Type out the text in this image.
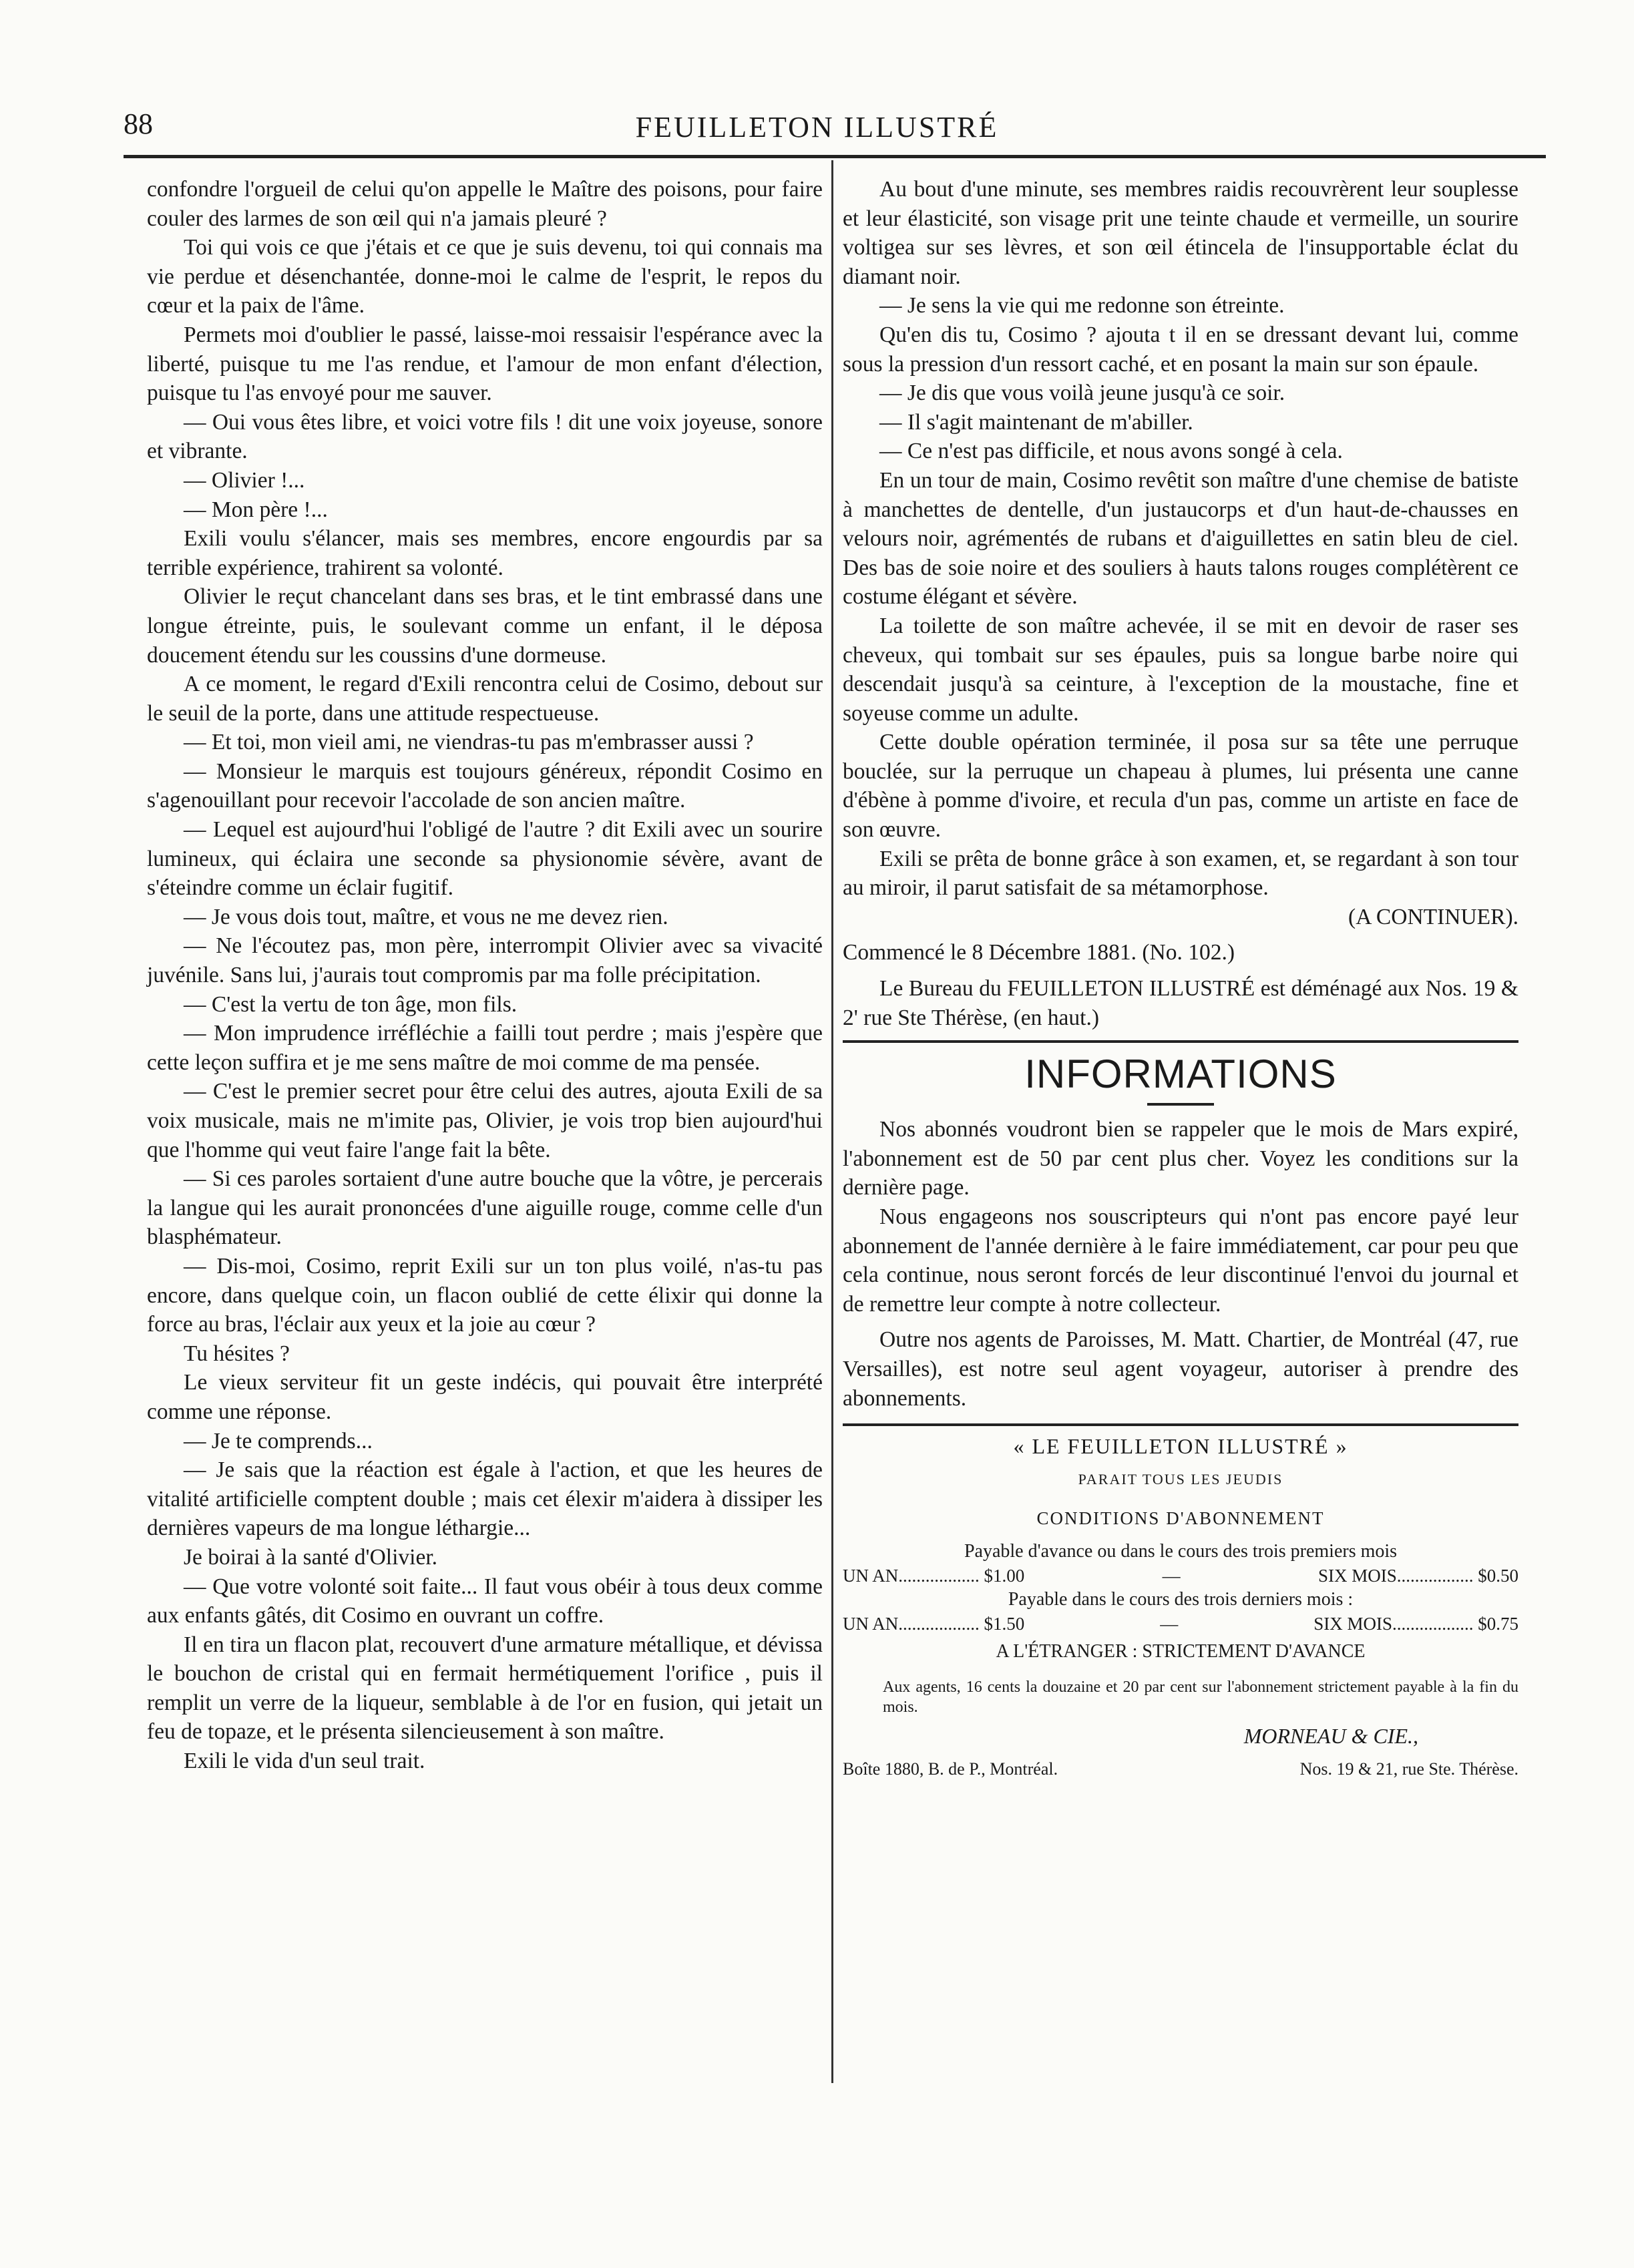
88	FEUILLETON ILLUSTRÉ

confondre l'orgueil de celui qu'on appelle le Maître des poisons, pour faire couler des larmes de son œil qui n'a jamais pleuré ?

Toi qui vois ce que j'étais et ce que je suis devenu, toi qui connais ma vie perdue et désenchantée, donne-moi le calme de l'esprit, le repos du cœur et la paix de l'âme.

Permets moi d'oublier le passé, laisse-moi ressaisir l'espérance avec la liberté, puisque tu me l'as rendue, et l'amour de mon enfant d'élection, puisque tu l'as envoyé pour me sauver.

— Oui vous êtes libre, et voici votre fils ! dit une voix joyeuse, sonore et vibrante.

— Olivier !...

— Mon père !...

Exili voulu s'élancer, mais ses membres, encore engourdis par sa terrible expérience, trahirent sa volonté.

Olivier le reçut chancelant dans ses bras, et le tint embrassé dans une longue étreinte, puis, le soulevant comme un enfant, il le déposa doucement étendu sur les coussins d'une dormeuse.

A ce moment, le regard d'Exili rencontra celui de Cosimo, debout sur le seuil de la porte, dans une attitude respectueuse.

— Et toi, mon vieil ami, ne viendras-tu pas m'embrasser aussi ?

— Monsieur le marquis est toujours généreux, répondit Cosimo en s'agenouillant pour recevoir l'accolade de son ancien maître.

— Lequel est aujourd'hui l'obligé de l'autre ? dit Exili avec un sourire lumineux, qui éclaira une seconde sa physionomie sévère, avant de s'éteindre comme un éclair fugitif.

— Je vous dois tout, maître, et vous ne me devez rien.

— Ne l'écoutez pas, mon père, interrompit Olivier avec sa vivacité juvénile. Sans lui, j'aurais tout compromis par ma folle précipitation.

— C'est la vertu de ton âge, mon fils.

— Mon imprudence irréfléchie a failli tout perdre ; mais j'espère que cette leçon suffira et je me sens maître de moi comme de ma pensée.

— C'est le premier secret pour être celui des autres, ajouta Exili de sa voix musicale, mais ne m'imite pas, Olivier, je vois trop bien aujourd'hui que l'homme qui veut faire l'ange fait la bête.

— Si ces paroles sortaient d'une autre bouche que la vôtre, je percerais la langue qui les aurait prononcées d'une aiguille rouge, comme celle d'un blasphémateur.

— Dis-moi, Cosimo, reprit Exili sur un ton plus voilé, n'as-tu pas encore, dans quelque coin, un flacon oublié de cette élixir qui donne la force au bras, l'éclair aux yeux et la joie au cœur ?

Tu hésites ?

Le vieux serviteur fit un geste indécis, qui pouvait être interprété comme une réponse.

— Je te comprends...

— Je sais que la réaction est égale à l'action, et que les heures de vitalité artificielle comptent double ; mais cet élexir m'aidera à dissiper les dernières vapeurs de ma longue léthargie...

Je boirai à la santé d'Olivier.

— Que votre volonté soit faite... Il faut vous obéir à tous deux comme aux enfants gâtés, dit Cosimo en ouvrant un coffre.

Il en tira un flacon plat, recouvert d'une armature métallique, et dévissa le bouchon de cristal qui en fermait hermétiquement l'orifice , puis il remplit un verre de la liqueur, semblable à de l'or en fusion, qui jetait un feu de topaze, et le présenta silencieusement à son maître.

Exili le vida d'un seul trait.

Au bout d'une minute, ses membres raidis recouvrèrent leur souplesse et leur élasticité, son visage prit une teinte chaude et vermeille, un sourire voltigea sur ses lèvres, et son œil étincela de l'insupportable éclat du diamant noir.

— Je sens la vie qui me redonne son étreinte.

Qu'en dis tu, Cosimo ? ajouta t il en se dressant devant lui, comme sous la pression d'un ressort caché, et en posant la main sur son épaule.

— Je dis que vous voilà jeune jusqu'à ce soir.

— Il s'agit maintenant de m'abiller.

— Ce n'est pas difficile, et nous avons songé à cela.

En un tour de main, Cosimo revêtit son maître d'une chemise de batiste à manchettes de dentelle, d'un justaucorps et d'un haut-de-chausses en velours noir, agrémentés de rubans et d'aiguillettes en satin bleu de ciel. Des bas de soie noire et des souliers à hauts talons rouges complétèrent ce costume élégant et sévère.

La toilette de son maître achevée, il se mit en devoir de raser ses cheveux, qui tombait sur ses épaules, puis sa longue barbe noire qui descendait jusqu'à sa ceinture, à l'exception de la moustache, fine et soyeuse comme un adulte.

Cette double opération terminée, il posa sur sa tête une perruque bouclée, sur la perruque un chapeau à plumes, lui présenta une canne d'ébène à pomme d'ivoire, et recula d'un pas, comme un artiste en face de son œuvre.

Exili se prêta de bonne grâce à son examen, et, se regardant à son tour au miroir, il parut satisfait de sa métamorphose.

(A CONTINUER).

Commencé le 8 Décembre 1881. (No. 102.)

Le Bureau du FEUILLETON ILLUSTRÉ est déménagé aux Nos. 19 & 2' rue Ste Thérèse, (en haut.)

INFORMATIONS

Nos abonnés voudront bien se rappeler que le mois de Mars expiré, l'abonnement est de 50 par cent plus cher. Voyez les conditions sur la dernière page.

Nous engageons nos souscripteurs qui n'ont pas encore payé leur abonnement de l'année dernière à le faire immédiatement, car pour peu que cela continue, nous seront forcés de leur discontinué l'envoi du journal et de remettre leur compte à notre collecteur.

Outre nos agents de Paroisses, M. Matt. Chartier, de Montréal (47, rue Versailles), est notre seul agent voyageur, autoriser à prendre des abonnements.

« LE FEUILLETON ILLUSTRÉ »
PARAIT TOUS LES JEUDIS
CONDITIONS D'ABONNEMENT
Payable d'avance ou dans le cours des trois premiers mois
UN AN.................. $1.00	—	SIX MOIS................. $0.50
Payable dans le cours des trois derniers mois :
UN AN.................. $1.50	—	SIX MOIS.................. $0.75
A L'ÉTRANGER : STRICTEMENT D'AVANCE
Aux agents, 16 cents la douzaine et 20 par cent sur l'abonnement strictement payable à la fin du mois.
MORNEAU & CIE.,
Boîte 1880, B. de P., Montréal.	Nos. 19 & 21, rue Ste. Thérèse.
